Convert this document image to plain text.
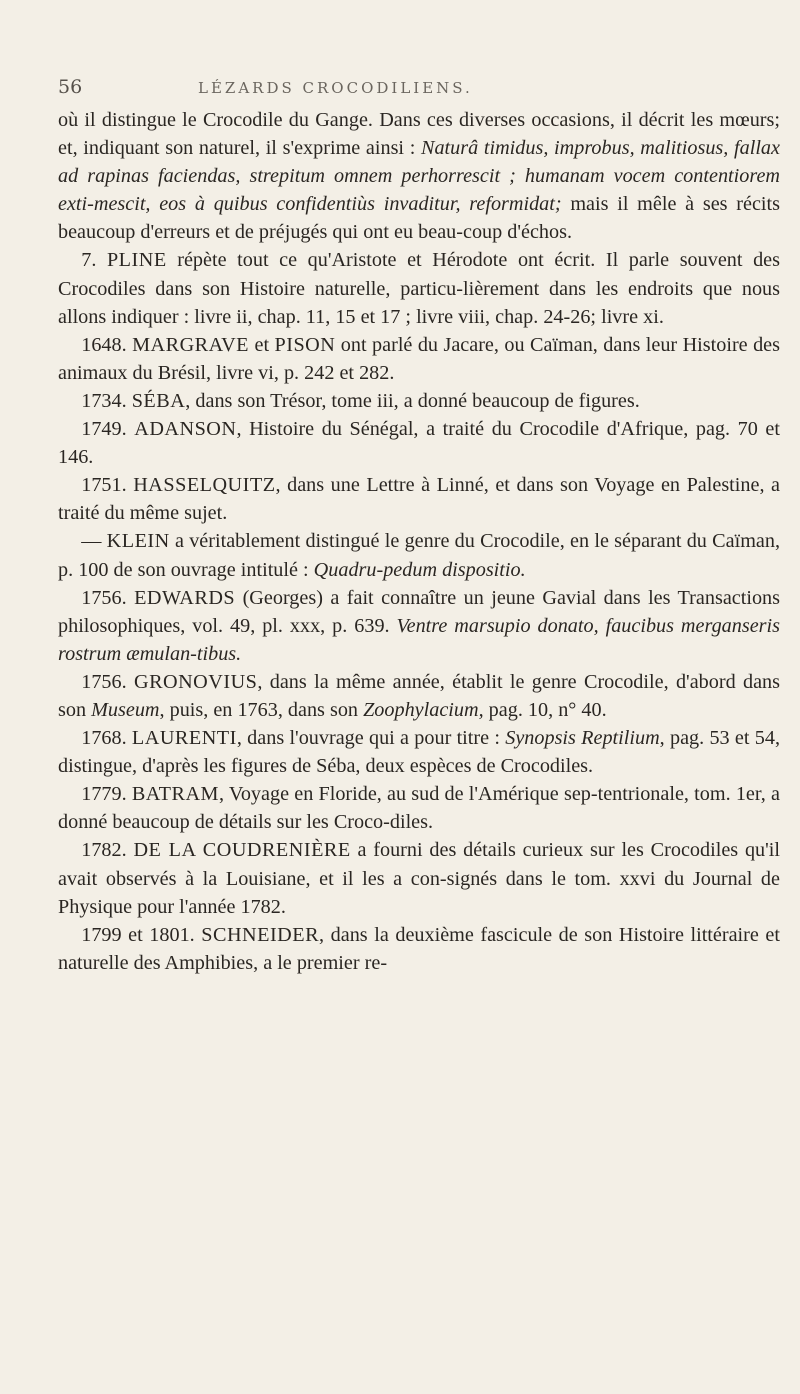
56	LÉZARDS CROCODILIENS.

où il distingue le Crocodile du Gange. Dans ces diverses occasions, il décrit les mœurs; et, indiquant son naturel, il s'exprime ainsi : Naturâ timidus, improbus, malitiosus, fallax ad rapinas faciendas, strepitum omnem perhorrescit ; humanam vocem contentiorem exti-mescit, eos à quibus confidentiùs invaditur, reformidat; mais il mêle à ses récits beaucoup d'erreurs et de préjugés qui ont eu beau-coup d'échos.

7. PLINE répète tout ce qu'Aristote et Hérodote ont écrit. Il parle souvent des Crocodiles dans son Histoire naturelle, particu-lièrement dans les endroits que nous allons indiquer : livre ii, chap. 11, 15 et 17 ; livre viii, chap. 24-26; livre xi.

1648. MARGRAVE et PISON ont parlé du Jacare, ou Caïman, dans leur Histoire des animaux du Brésil, livre vi, p. 242 et 282.

1734. SÉBA, dans son Trésor, tome iii, a donné beaucoup de figures.

1749. ADANSON, Histoire du Sénégal, a traité du Crocodile d'Afrique, pag. 70 et 146.

1751. HASSELQUITZ, dans une Lettre à Linné, et dans son Voyage en Palestine, a traité du même sujet.

— KLEIN a véritablement distingué le genre du Crocodile, en le séparant du Caïman, p. 100 de son ouvrage intitulé : Quadru-pedum dispositio.

1756. EDWARDS (Georges) a fait connaître un jeune Gavial dans les Transactions philosophiques, vol. 49, pl. xxx, p. 639. Ventre marsupio donato, faucibus merganseris rostrum æmulan-tibus.

1756. GRONOVIUS, dans la même année, établit le genre Crocodile, d'abord dans son Museum, puis, en 1763, dans son Zoophylacium, pag. 10, n° 40.

1768. LAURENTI, dans l'ouvrage qui a pour titre : Synopsis Reptilium, pag. 53 et 54, distingue, d'après les figures de Séba, deux espèces de Crocodiles.

1779. BATRAM, Voyage en Floride, au sud de l'Amérique sep-tentrionale, tom. 1er, a donné beaucoup de détails sur les Croco-diles.

1782. DE LA COUDRENIÈRE a fourni des détails curieux sur les Crocodiles qu'il avait observés à la Louisiane, et il les a con-signés dans le tom. xxvi du Journal de Physique pour l'année 1782.

1799 et 1801. SCHNEIDER, dans la deuxième fascicule de son Histoire littéraire et naturelle des Amphibies, a le premier re-
